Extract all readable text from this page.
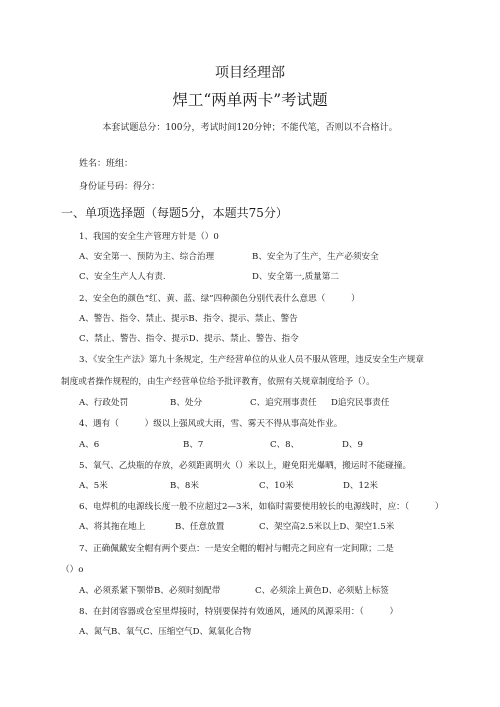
项目经理部
焊工“两单两卡”考试题
本套试题总分：100分，考试时间120分钟；不能代笔，否则以不合格计。
姓名：班组：
身份证号码：得分：
一、单项选择题（每题5分，本题共75分）
1、我国的安全生产管理方针是（）0
A、安全第一、预防为主、综合治理	B、安全为了生产，生产必须安全
C、安全生产人人有责.	D、安全第一,质量第二
2、安全色的颜色“红、黄、蓝、绿”四种颜色分别代表什么意思（　　　）
A、警告、指令、禁止、提示B、指令、提示、禁止、警告
C、禁止、警告、指令、提示D、提示、禁止、警告、指令
3、《安全生产法》第九十条规定，生产经营单位的从业人员不服从管理，违反安全生产规章
制度或者操作规程的，由生产经营单位给予批评教育，依照有关规章制度给予（）。
A、行政处罚	B、处分	C、追究刑事责任 D追究民事责任
4、遇有（　　　）级以上强风或大雨，雪、雾天不得从事高处作业。
A、6	B、7	C、8、	D、9
5、氧气、乙炔瓶的存放，必须距离明火（）米以上，避免阳光爆晒，搬运时不能碰撞。
A、5米	B、8米	C、10米	D、12米
6、电焊机的电源线长度一般不应超过2—3米，如临时需要使用较长的电源线时，应：（　　　）
A、将其拖在地上	B、任意放置	C、架空高2.5米以上D、架空1.5米
7、正确佩戴安全帽有两个要点：一是安全帽的帽衬与帽壳之间应有一定间隙；二是
（）o
A、必须系紧下颚带B、必须时刻配带	C、必须涂上黄色D、必须贴上标签
8、在封闭容器或仓室里焊接时，特别要保持有效通风，通风的风源采用：（　　　）
A、氮气B、氧气C、压缩空气D、氮氧化合物
